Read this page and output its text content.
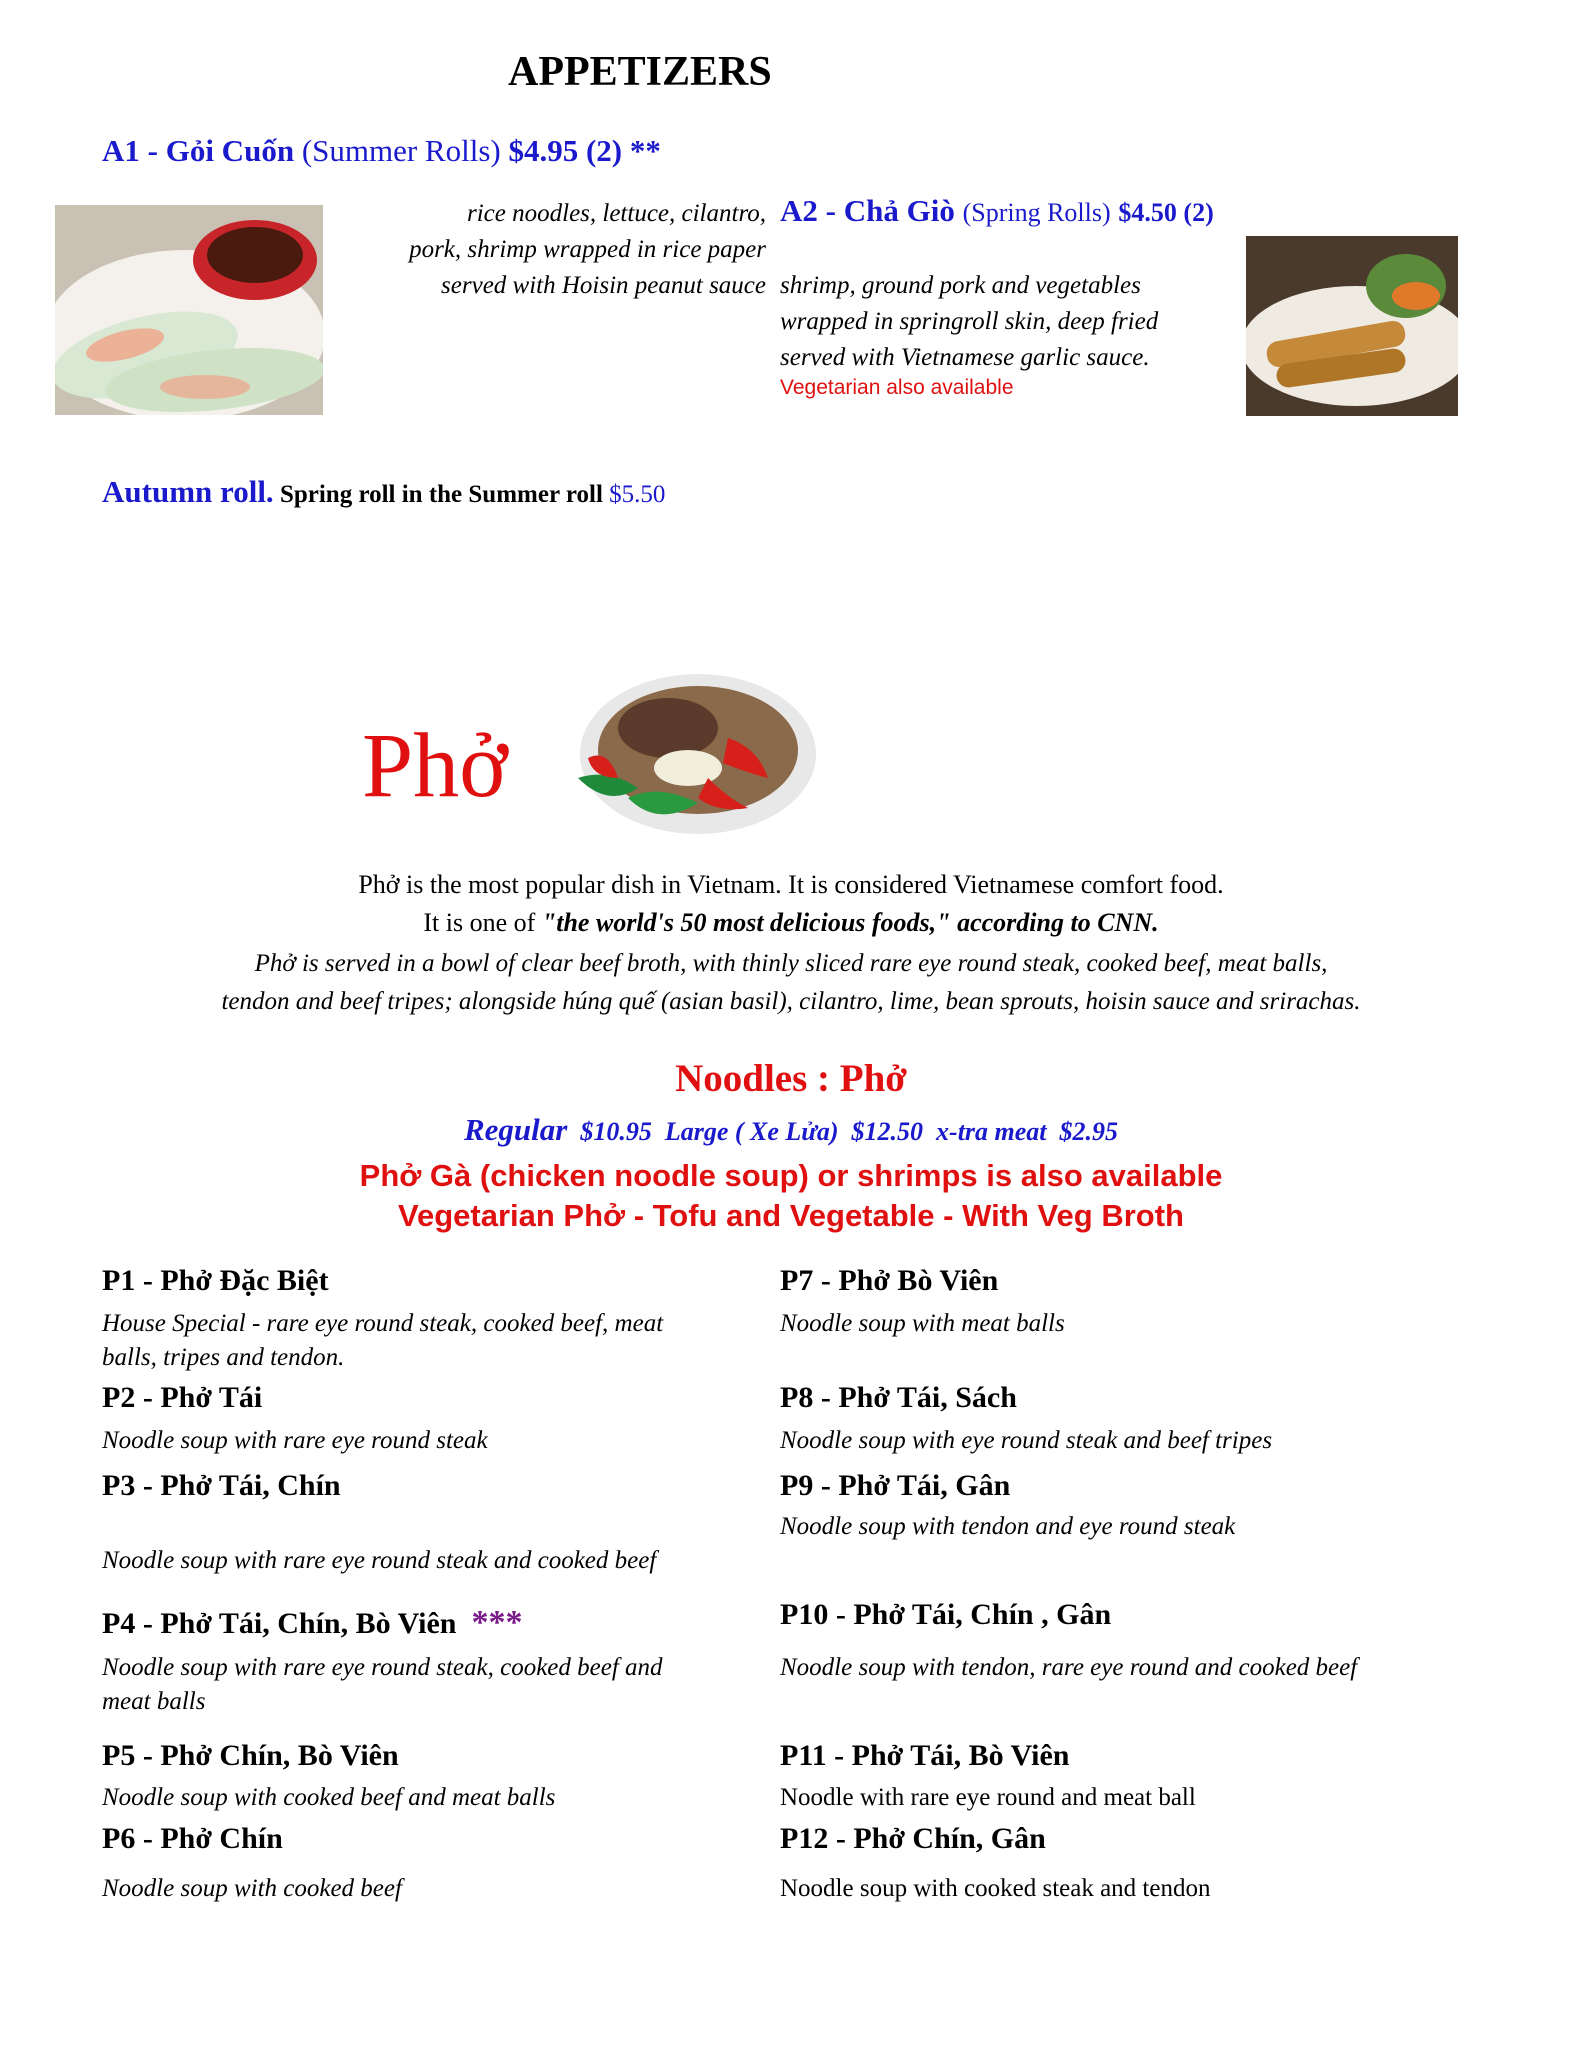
APPETIZERS
A1 - Gỏi Cuốn (Summer Rolls) $4.95 (2) **
rice noodles, lettuce, cilantro,
pork, shrimp wrapped in rice paper
served with Hoisin peanut sauce
A2 - Chả Giò (Spring Rolls) $4.50 (2)
shrimp, ground pork and vegetables
wrapped in springroll skin, deep fried
served with Vietnamese garlic sauce.
Vegetarian also available
Autumn roll. Spring roll in the Summer roll $5.50
Phở
Phở is the most popular dish in Vietnam. It is considered Vietnamese comfort food.
It is one of "the world's 50 most delicious foods," according to CNN.
Phở is served in a bowl of clear beef broth, with thinly sliced rare eye round steak, cooked beef, meat balls,
tendon and beef tripes; alongside húng quế (asian basil), cilantro, lime, bean sprouts, hoisin sauce and srirachas.
Noodles : Phở
Regular $10.95 Large ( Xe Lửa) $12.50 x-tra meat $2.95
Phở Gà (chicken noodle soup) or shrimps is also available
Vegetarian Phở - Tofu and Vegetable - With Veg Broth
P1 - Phở Đặc Biệt
House Special - rare eye round steak, cooked beef, meat
balls, tripes and tendon.
P2 - Phở Tái
Noodle soup with rare eye round steak
P3 - Phở Tái, Chín
Noodle soup with rare eye round steak and cooked beef
P4 - Phở Tái, Chín, Bò Viên ***
Noodle soup with rare eye round steak, cooked beef and
meat balls
P5 - Phở Chín, Bò Viên
Noodle soup with cooked beef and meat balls
P6 - Phở Chín
Noodle soup with cooked beef
P7 - Phở Bò Viên
Noodle soup with meat balls
P8 - Phở Tái, Sách
Noodle soup with eye round steak and beef tripes
P9 - Phở Tái, Gân
Noodle soup with tendon and eye round steak
P10 - Phở Tái, Chín , Gân
Noodle soup with tendon, rare eye round and cooked beef
P11 - Phở Tái, Bò Viên
Noodle with rare eye round and meat ball
P12 - Phở Chín, Gân
Noodle soup with cooked steak and tendon
